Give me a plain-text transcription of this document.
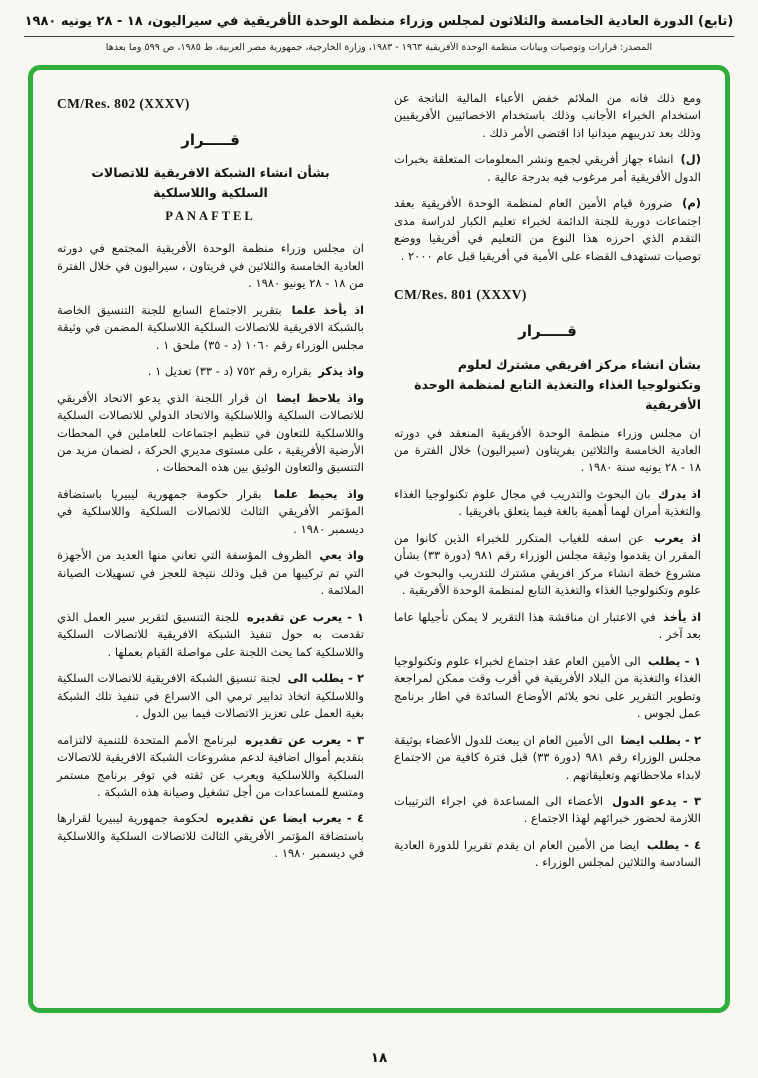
(تابع) الدورة العادية الخامسة والثلاثون لمجلس وزراء منظمة الوحدة الأفريقية في سيراليون، ١٨ - ٢٨ يونيه ١٩٨٠
المصدر: قرارات وتوصيات وبيانات منظمة الوحدة الأفريقية ١٩٦٣ - ١٩٨٣، وزارة الخارجية، جمهورية مصر العربية، ط ١٩٨٥، ص ٥٩٩ وما بعدها

ومع ذلك فانه من الملائم خفض الأعباء المالية الناتجة عن استخدام الخبراء الأجانب وذلك باستخدام الاخصائيين الأفريقيين وذلك بعد تدريبهم ميدانيا اذا اقتضى الأمر ذلك .

(ل) انشاء جهاز أفريقي لجمع ونشر المعلومات المتعلقة بخبرات الدول الأفريقية أمر مرغوب فيه بدرجة عالية .

(م) ضرورة قيام الأمين العام لمنظمة الوحدة الأفريقية بعقد اجتماعات دورية للجنة الدائمة لخبراء تعليم الكبار لدراسة مدى التقدم الذي احرزه هذا النوع من التعليم في أفريقيا ووضع توصيات تستهدف القضاء على الأمية في أفريقيا قبل عام ٢٠٠٠ .

CM/Res. 801 (XXXV)
قـــــرار
بشأن انشاء مركز افريقي مشترك لعلوم وتكنولوجيا الغذاء والتغذية التابع لمنظمة الوحدة الأفريقية

ان مجلس وزراء منظمة الوحدة الأفريقية المنعقد في دورته العادية الخامسة والثلاثين بفريتاون (سيراليون) خلال الفترة من ١٨ - ٢٨ يونيه سنة ١٩٨٠ .

اذ يدرك بان البحوث والتدريب في مجال علوم تكنولوجيا الغذاء والتغذية أمران لهما أهمية بالغة فيما يتعلق بافريقيا .

اذ يعرب عن اسفه للغياب المتكرر للخبراء الذين كانوا من المقرر ان يقدموا وثيقة مجلس الوزراء رقم ٩٨١ (دورة ٣٣) بشأن مشروع خطة انشاء مركز افريقي مشترك للتدريب والبحوث في علوم وتكنولوجيا الغذاء والتغذية التابع لمنظمة الوحدة الأفريقية .

اذ يأخذ في الاعتبار ان مناقشة هذا التقرير لا يمكن تأجيلها عاما بعد آخر .

١ - يطلب الى الأمين العام عقد اجتماع لخبراء علوم وتكنولوجيا الغذاء والتغذية من البلاد الأفريقية في أقرب وقت ممكن لمراجعة وتطوير التقرير على نحو يلائم الأوضاع السائدة في اطار برنامج عمل لجوس .

٢ - يطلب ايضا الى الأمين العام ان يبعث للدول الأعضاء بوثيقة مجلس الوزراء رقم ٩٨١ (دورة ٣٣) قبل فترة كافية من الاجتماع لابداء ملاحظاتهم وتعليقاتهم .

٣ - يدعو الدول الأعضاء الى المساعدة في اجراء الترتيبات اللازمة لحضور خبرائهم لهذا الاجتماع .

٤ - يطلب ايضا من الأمين العام ان يقدم تقريرا للدورة العادية السادسة والثلاثين لمجلس الوزراء .

CM/Res. 802 (XXXV)
قـــــرار
بشأن انشاء الشبكة الافريقية للاتصالات
السلكية واللاسلكية
PANAFTEL

ان مجلس وزراء منظمة الوحدة الأفريقية المجتمع في دورته العادية الخامسة والثلاثين في فريتاون ، سيراليون في خلال الفترة من ١٨ - ٢٨ يونيو ١٩٨٠ .

اذ يأخذ علما بتقرير الاجتماع السابع للجنة التنسيق الخاصة بالشبكة الافريقية للاتصالات السلكية اللاسلكية المضمن في وثيقة مجلس الوزراء رقم ١٠٦٠ (د - ٣٥) ملحق ١ .

واذ يذكر بقراره رقم ٧٥٢ (د - ٣٣) تعديل ١ .

واذ يلاحظ ايضا ان قرار اللجنة الذي يدعو الاتحاد الأفريقي للاتصالات السلكية واللاسلكية والاتحاد الدولي للاتصالات السلكية واللاسلكية للتعاون في تنظيم اجتماعات للعاملين في المحطات الأرضية الأفريقية ، على مستوى مديري الحركة ، لضمان مزيد من التنسيق والتعاون الوثيق بين هذه المحطات .

واذ يحيط علما بقرار حكومة جمهورية ليبيريا باستضافة المؤتمر الأفريقي الثالث للاتصالات السلكية واللاسلكية في ديسمبر ١٩٨٠ .

واذ يعي الظروف المؤسفة التي تعاني منها العديد من الأجهزة التي تم تركيبها من قبل وذلك نتيجة للعجز في تسهيلات الصيانة الملائمة .

١ - يعرب عن تقديره للجنة التنسيق لتقرير سير العمل الذي تقدمت به حول تنفيذ الشبكة الافريقية للاتصالات السلكية واللاسلكية كما يحث اللجنة على مواصلة القيام بعملها .

٢ - يطلب الى لجنة تنسيق الشبكة الافريقية للاتصالات السلكية واللاسلكية اتخاذ تدابير ترمي الى الاسراع في تنفيذ تلك الشبكة بغية العمل على تعزيز الاتصالات فيما بين الدول .

٣ - يعرب عن تقديره لبرنامج الأمم المتحدة للتنمية لالتزامه بتقديم أموال اضافية لدعم مشروعات الشبكة الافريقية للاتصالات السلكية واللاسلكية ويعرب عن ثقته في توفر برنامج مستمر ومتسع للمساعدات من أجل تشغيل وصيانة هذه الشبكة .

٤ - يعرب ايضا عن تقديره لحكومة جمهورية ليبيريا لقرارها باستضافة المؤتمر الأفريقي الثالث للاتصالات السلكية واللاسلكية في ديسمبر ١٩٨٠ .

١٨
